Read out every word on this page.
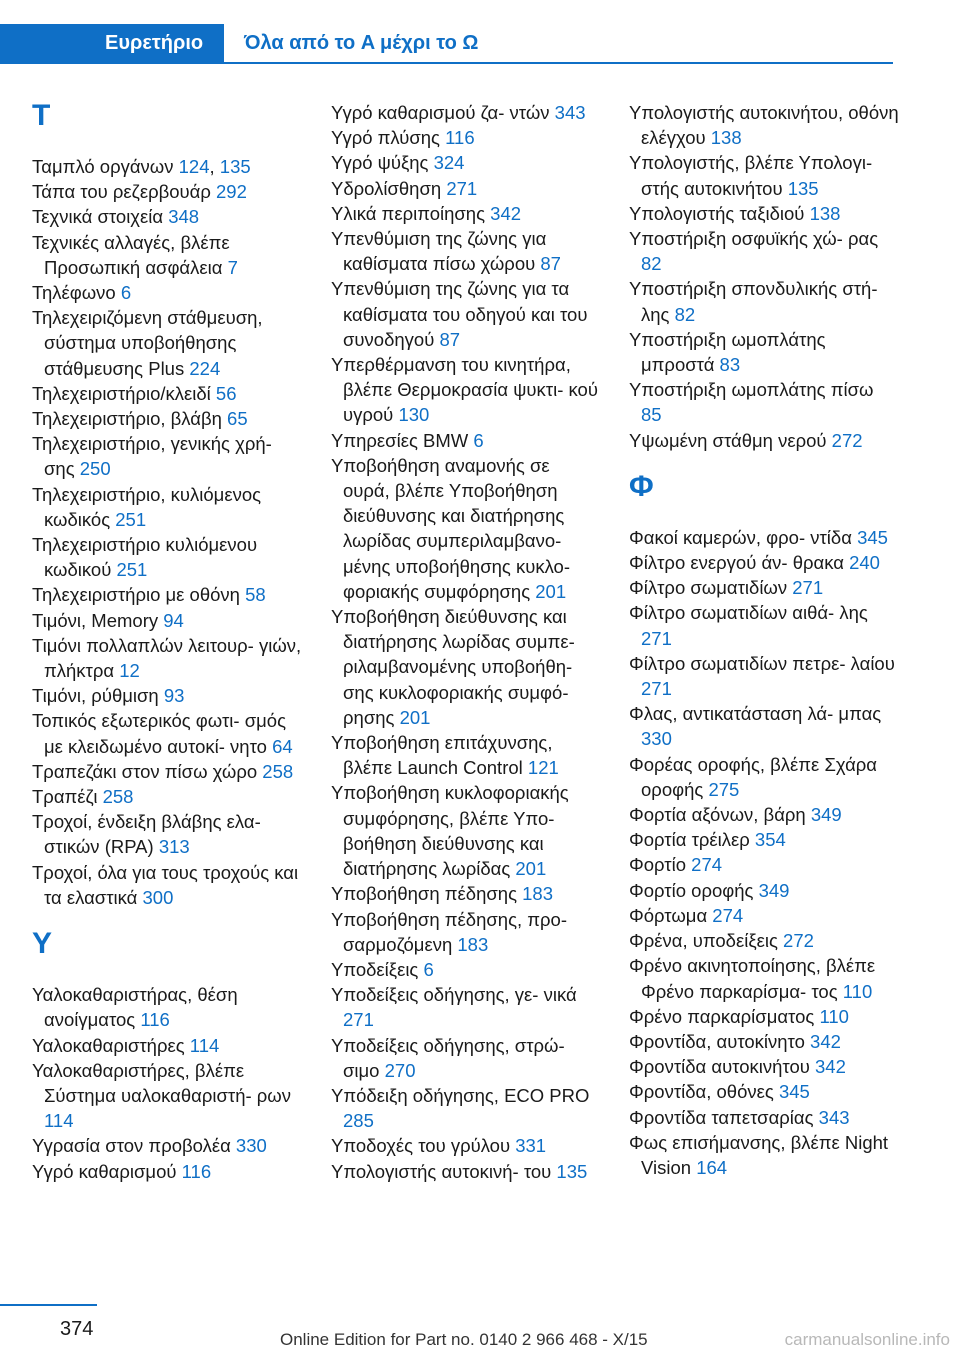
Ευρετήριο	Όλα από το A μέχρι το Ω
Τ
Ταμπλό οργάνων 124, 135
Τάπα του ρεζερβουάρ 292
Τεχνικά στοιχεία 348
Τεχνικές αλλαγές, βλέπε Προσωπική ασφάλεια 7
Τηλέφωνο 6
Τηλεχειριζόμενη στάθμευση, σύστημα υποβοήθησης στάθμευσης Plus 224
Τηλεχειριστήριο/κλειδί 56
Τηλεχειριστήριο, βλάβη 65
Τηλεχειριστήριο, γενικής χρή- σης 250
Τηλεχειριστήριο, κυλιόμενος κωδικός 251
Τηλεχειριστήριο κυλιόμενου κωδικού 251
Τηλεχειριστήριο με οθόνη 58
Τιμόνι, Memory 94
Τιμόνι πολλαπλών λειτουρ- γιών, πλήκτρα 12
Τιμόνι, ρύθμιση 93
Τοπικός εξωτερικός φωτι- σμός με κλειδωμένο αυτοκί- νητο 64
Τραπεζάκι στον πίσω χώρο 258
Τραπέζι 258
Τροχοί, ένδειξη βλάβης ελα- στικών (RPA) 313
Τροχοί, όλα για τους τροχούς και τα ελαστικά 300
Υ
Υαλοκαθαριστήρας, θέση ανοίγματος 116
Υαλοκαθαριστήρες 114
Υαλοκαθαριστήρες, βλέπε Σύστημα υαλοκαθαριστή- ρων 114
Υγρασία στον προβολέα 330
Υγρό καθαρισμού 116
Υγρό καθαρισμού ζα- ντών 343
Υγρό πλύσης 116
Υγρό ψύξης 324
Υδρολίσθηση 271
Υλικά περιποίησης 342
Υπενθύμιση της ζώνης για καθίσματα πίσω χώρου 87
Υπενθύμιση της ζώνης για τα καθίσματα του οδηγού και του συνοδηγού 87
Υπερθέρμανση του κινητήρα, βλέπε Θερμοκρασία ψυκτι- κού υγρού 130
Υπηρεσίες BMW 6
Υποβοήθηση αναμονής σε ουρά, βλέπε Υποβοήθηση διεύθυνσης και διατήρησης λωρίδας συμπεριλαμβανο- μένης υποβοήθησης κυκλο- φοριακής συμφόρησης 201
Υποβοήθηση διεύθυνσης και διατήρησης λωρίδας συμπε- ριλαμβανομένης υποβοήθη- σης κυκλοφοριακής συμφό- ρησης 201
Υποβοήθηση επιτάχυνσης, βλέπε Launch Control 121
Υποβοήθηση κυκλοφοριακής συμφόρησης, βλέπε Υπο- βοήθηση διεύθυνσης και διατήρησης λωρίδας 201
Υποβοήθηση πέδησης 183
Υποβοήθηση πέδησης, προ- σαρμοζόμενη 183
Υποδείξεις 6
Υποδείξεις οδήγησης, γε- νικά 271
Υποδείξεις οδήγησης, στρώ- σιμο 270
Υπόδειξη οδήγησης, ECO PRO 285
Υποδοχές του γρύλου 331
Υπολογιστής αυτοκινή- του 135
Υπολογιστής αυτοκινήτου, οθόνη ελέγχου 138
Υπολογιστής, βλέπε Υπολογι- στής αυτοκινήτου 135
Υπολογιστής ταξιδιού 138
Υποστήριξη οσφυϊκής χώ- ρας 82
Υποστήριξη σπονδυλικής στή- λης 82
Υποστήριξη ωμοπλάτης μπροστά 83
Υποστήριξη ωμοπλάτης πίσω 85
Υψωμένη στάθμη νερού 272
Φ
Φακοί καμερών, φρο- ντίδα 345
Φίλτρο ενεργού άν- θρακα 240
Φίλτρο σωματιδίων 271
Φίλτρο σωματιδίων αιθά- λης 271
Φίλτρο σωματιδίων πετρε- λαίου 271
Φλας, αντικατάσταση λά- μπας 330
Φορέας οροφής, βλέπε Σχάρα οροφής 275
Φορτία αξόνων, βάρη 349
Φορτία τρέιλερ 354
Φορτίο 274
Φορτίο οροφής 349
Φόρτωμα 274
Φρένα, υποδείξεις 272
Φρένο ακινητοποίησης, βλέπε Φρένο παρκαρίσμα- τος 110
Φρένο παρκαρίσματος 110
Φροντίδα, αυτοκίνητο 342
Φροντίδα αυτοκινήτου 342
Φροντίδα, οθόνες 345
Φροντίδα ταπετσαρίας 343
Φως επισήμανσης, βλέπε Night Vision 164
374	Online Edition for Part no. 0140 2 966 468 - X/15	carmanualsonline.info
